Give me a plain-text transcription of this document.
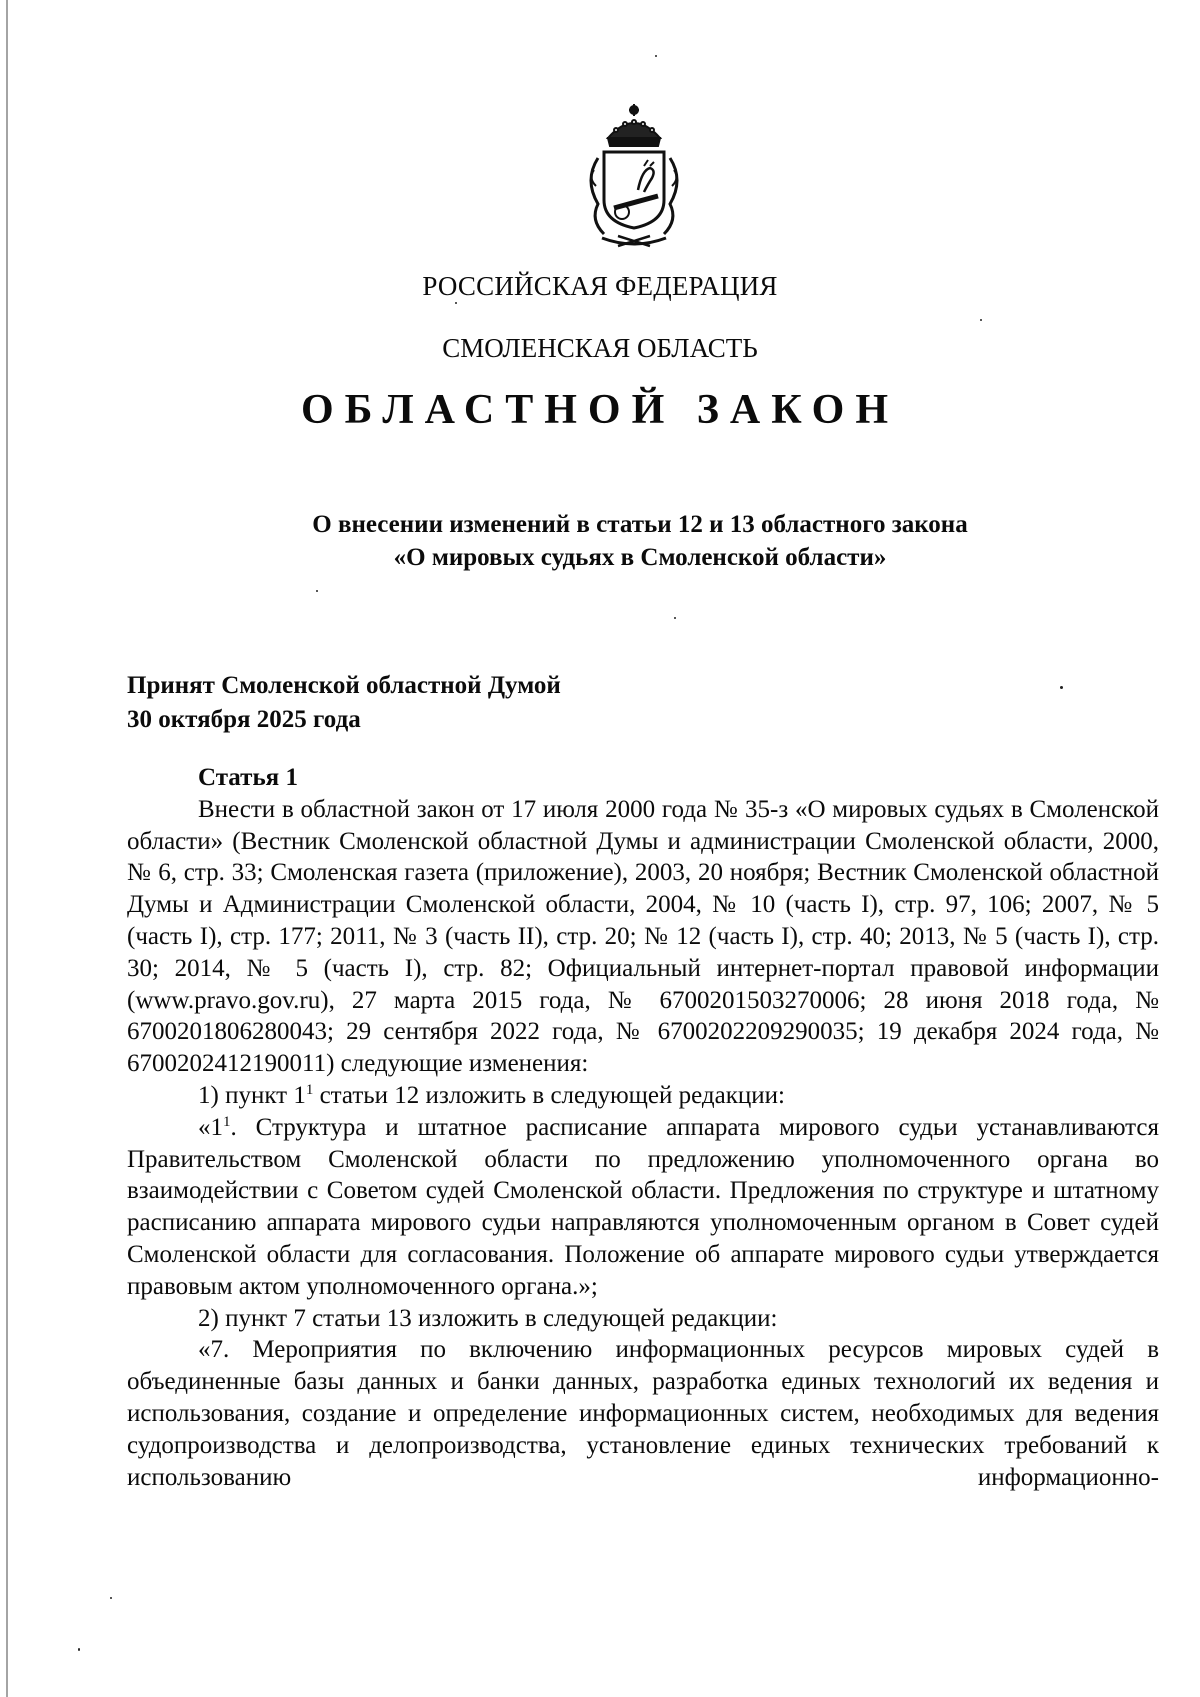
РОССИЙСКАЯ ФЕДЕРАЦИЯ
СМОЛЕНСКАЯ ОБЛАСТЬ
ОБЛАСТНОЙ ЗАКОН
О внесении изменений в статьи 12 и 13 областного закона
«О мировых судьях в Смоленской области»
Принят Смоленской областной Думой
30 октября 2025 года
Статья 1

Внести в областной закон от 17 июля 2000 года № 35-з «О мировых судьях в Смоленской области» (Вестник Смоленской областной Думы и администрации Смоленской области, 2000, № 6, стр. 33; Смоленская газета (приложение), 2003, 20 ноября; Вестник Смоленской областной Думы и Администрации Смоленской области, 2004, № 10 (часть I), стр. 97, 106; 2007, № 5 (часть I), стр. 177; 2011, № 3 (часть II), стр. 20; № 12 (часть I), стр. 40; 2013, № 5 (часть I), стр. 30; 2014, № 5 (часть I), стр. 82; Официальный интернет-портал правовой информации (www.pravo.gov.ru), 27 марта 2015 года, № 6700201503270006; 28 июня 2018 года, № 6700201806280043; 29 сентября 2022 года, № 6700202209290035; 19 декабря 2024 года, № 6700202412190011) следующие изменения:

1) пункт $1^1$ статьи 12 изложить в следующей редакции:

«$1^1$. Структура и штатное расписание аппарата мирового судьи устанавливаются Правительством Смоленской области по предложению уполномоченного органа во взаимодействии с Советом судей Смоленской области. Предложения по структуре и штатному расписанию аппарата мирового судьи направляются уполномоченным органом в Совет судей Смоленской области для согласования. Положение об аппарате мирового судьи утверждается правовым актом уполномоченного органа.»;

2) пункт 7 статьи 13 изложить в следующей редакции:

«7. Мероприятия по включению информационных ресурсов мировых судей в объединенные базы данных и банки данных, разработка единых технологий их ведения и использования, создание и определение информационных систем, необходимых для ведения судопроизводства и делопроизводства, установление единых технических требований к использованию информационно-
